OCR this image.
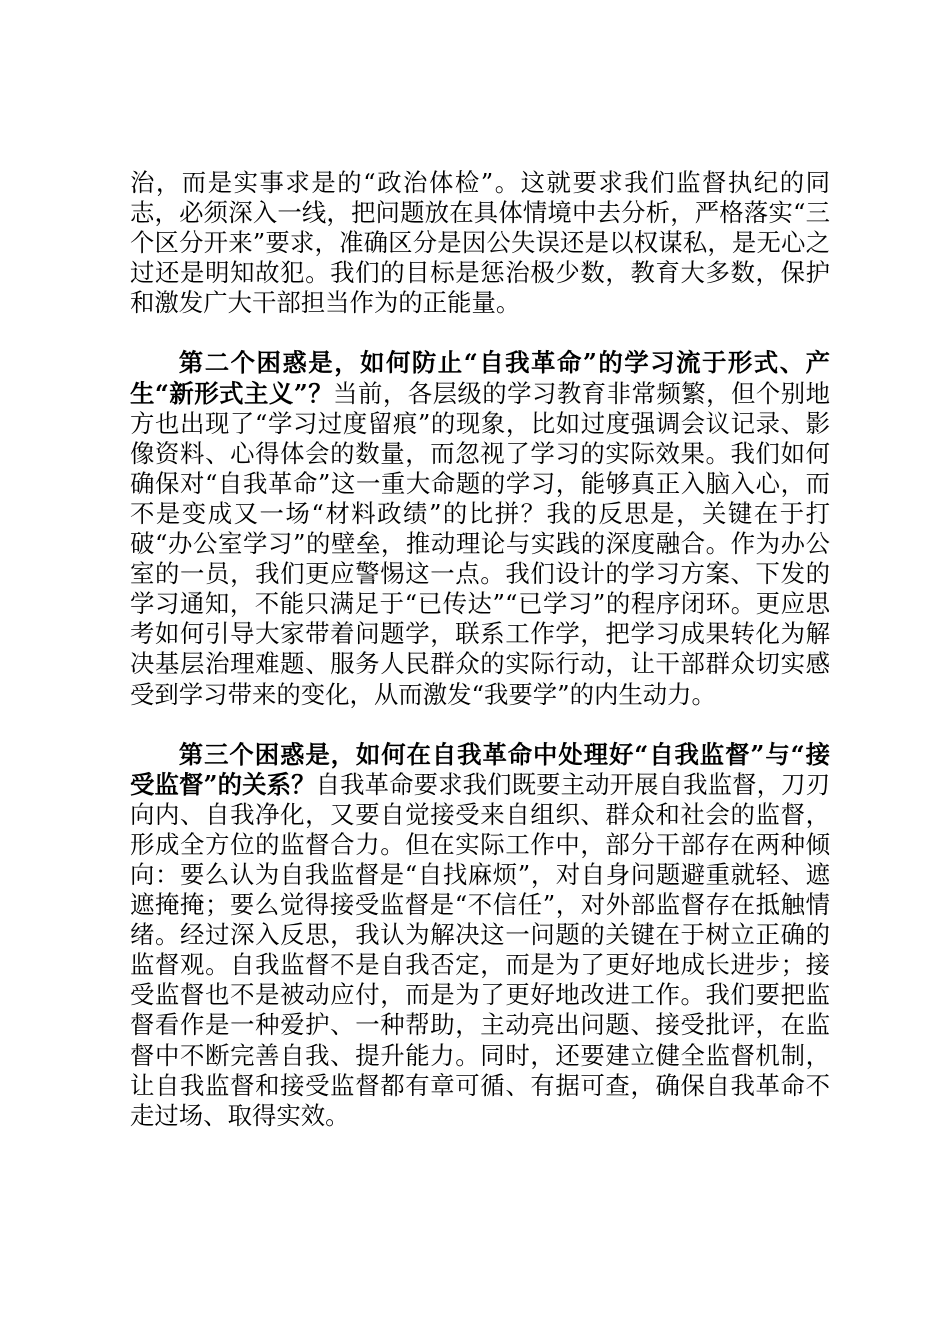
治，而是实事求是的“政治体检”。这就要求我们监督执纪的同志，必须深入一线，把问题放在具体情境中去分析，严格落实“三个区分开来”要求，准确区分是因公失误还是以权谋私，是无心之过还是明知故犯。我们的目标是惩治极少数，教育大多数，保护和激发广大干部担当作为的正能量。

第二个困惑是，如何防止“自我革命”的学习流于形式、产生“新形式主义”？当前，各层级的学习教育非常频繁，但个别地方也出现了“学习过度留痕”的现象，比如过度强调会议记录、影像资料、心得体会的数量，而忽视了学习的实际效果。我们如何确保对“自我革命”这一重大命题的学习，能够真正入脑入心，而不是变成又一场“材料政绩”的比拼？我的反思是，关键在于打破“办公室学习”的壁垒，推动理论与实践的深度融合。作为办公室的一员，我们更应警惕这一点。我们设计的学习方案、下发的学习通知，不能只满足于“已传达”“已学习”的程序闭环。更应思考如何引导大家带着问题学，联系工作学，把学习成果转化为解决基层治理难题、服务人民群众的实际行动，让干部群众切实感受到学习带来的变化，从而激发“我要学”的内生动力。

第三个困惑是，如何在自我革命中处理好“自我监督”与“接受监督”的关系？自我革命要求我们既要主动开展自我监督，刀刃向内、自我净化，又要自觉接受来自组织、群众和社会的监督，形成全方位的监督合力。但在实际工作中，部分干部存在两种倾向：要么认为自我监督是“自找麻烦”，对自身问题避重就轻、遮遮掩掩；要么觉得接受监督是“不信任”，对外部监督存在抵触情绪。经过深入反思，我认为解决这一问题的关键在于树立正确的监督观。自我监督不是自我否定，而是为了更好地成长进步；接受监督也不是被动应付，而是为了更好地改进工作。我们要把监督看作是一种爱护、一种帮助，主动亮出问题、接受批评，在监督中不断完善自我、提升能力。同时，还要建立健全监督机制，让自我监督和接受监督都有章可循、有据可查，确保自我革命不走过场、取得实效。
